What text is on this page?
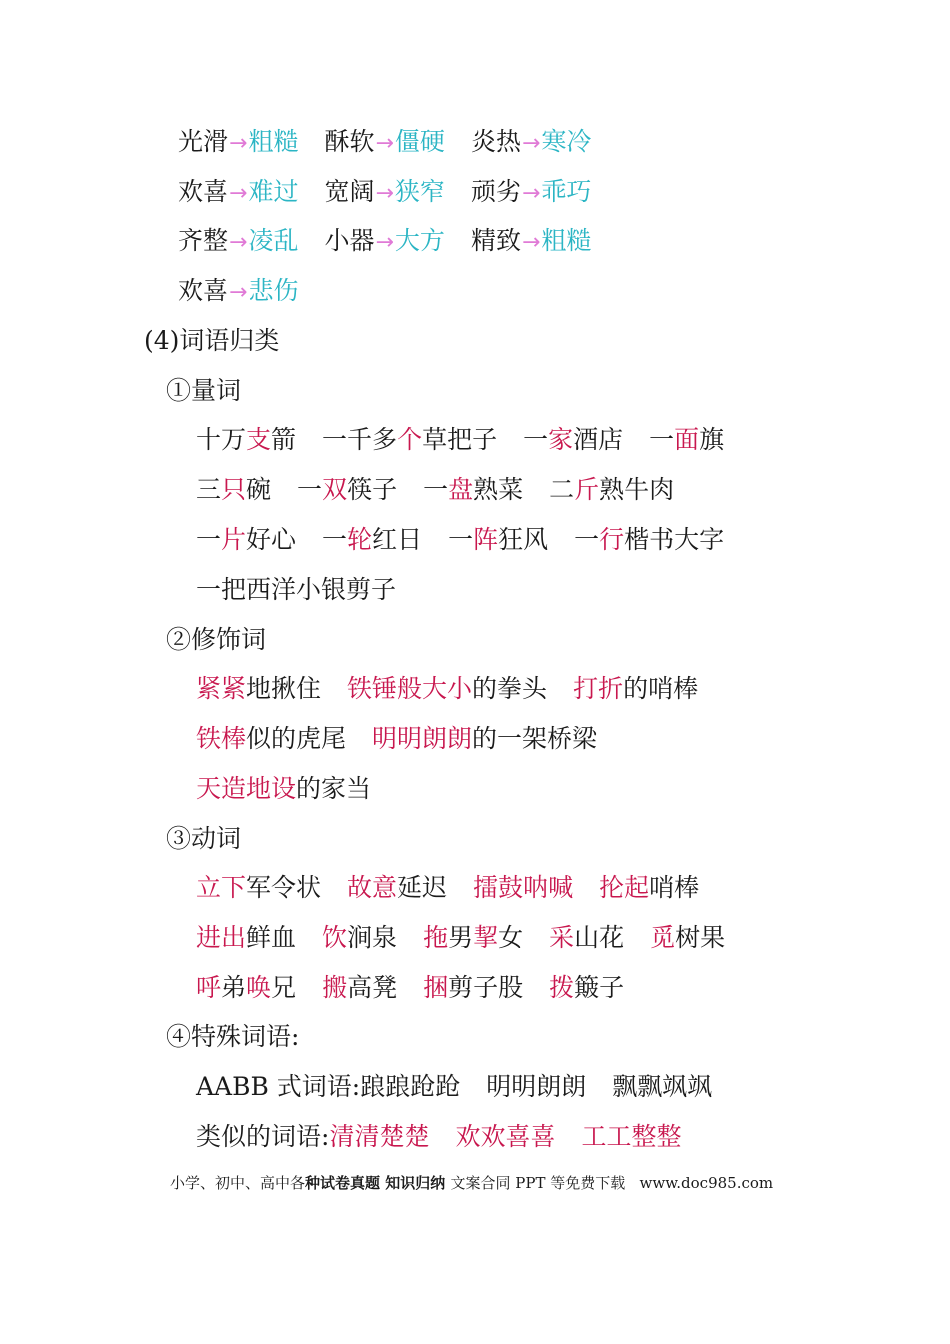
光滑→粗糙 酥软→僵硬 炎热→寒冷
欢喜→难过 宽阔→狭窄 顽劣→乖巧
齐整→凌乱 小器→大方 精致→粗糙
欢喜→悲伤
(4)词语归类
①量词
十万支箭 一千多个草把子 一家酒店 一面旗
三只碗 一双筷子 一盘熟菜 二斤熟牛肉
一片好心 一轮红日 一阵狂风 一行楷书大字
一把西洋小银剪子
②修饰词
紧紧地揪住 铁锤般大小的拳头 打折的哨棒
铁棒似的虎尾 明明朗朗的一架桥梁
天造地设的家当
③动词
立下军令状 故意延迟 擂鼓呐喊 抡起哨棒
进出鲜血 饮涧泉 拖男挈女 采山花 觅树果
呼弟唤兄 搬高凳 捆剪子股 拨簸子
④特殊词语:
AABB 式词语:踉踉跄跄 明明朗朗 飘飘飒飒
类似的词语:清清楚楚 欢欢喜喜 工工整整
小学、初中、高中各种试卷真题 知识归纳 文案合同 PPT 等免费下载 www.doc985.com
